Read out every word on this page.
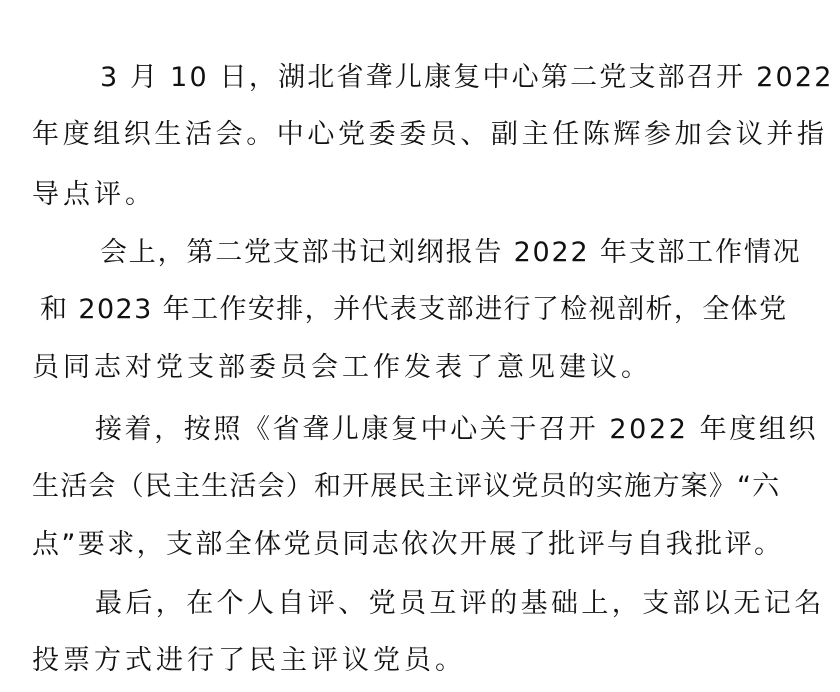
3 月 10 日，湖北省聋儿康复中心第二党支部召开 2022
年度组织生活会。中心党委委员、副主任陈辉参加会议并指
导点评。
会上，第二党支部书记刘纲报告 2022 年支部工作情况
和 2023 年工作安排，并代表支部进行了检视剖析，全体党
员同志对党支部委员会工作发表了意见建议。
接着，按照《省聋儿康复中心关于召开 2022 年度组织
生活会（民主生活会）和开展民主评议党员的实施方案》“六
点”要求，支部全体党员同志依次开展了批评与自我批评。
最后，在个人自评、党员互评的基础上，支部以无记名
投票方式进行了民主评议党员。
